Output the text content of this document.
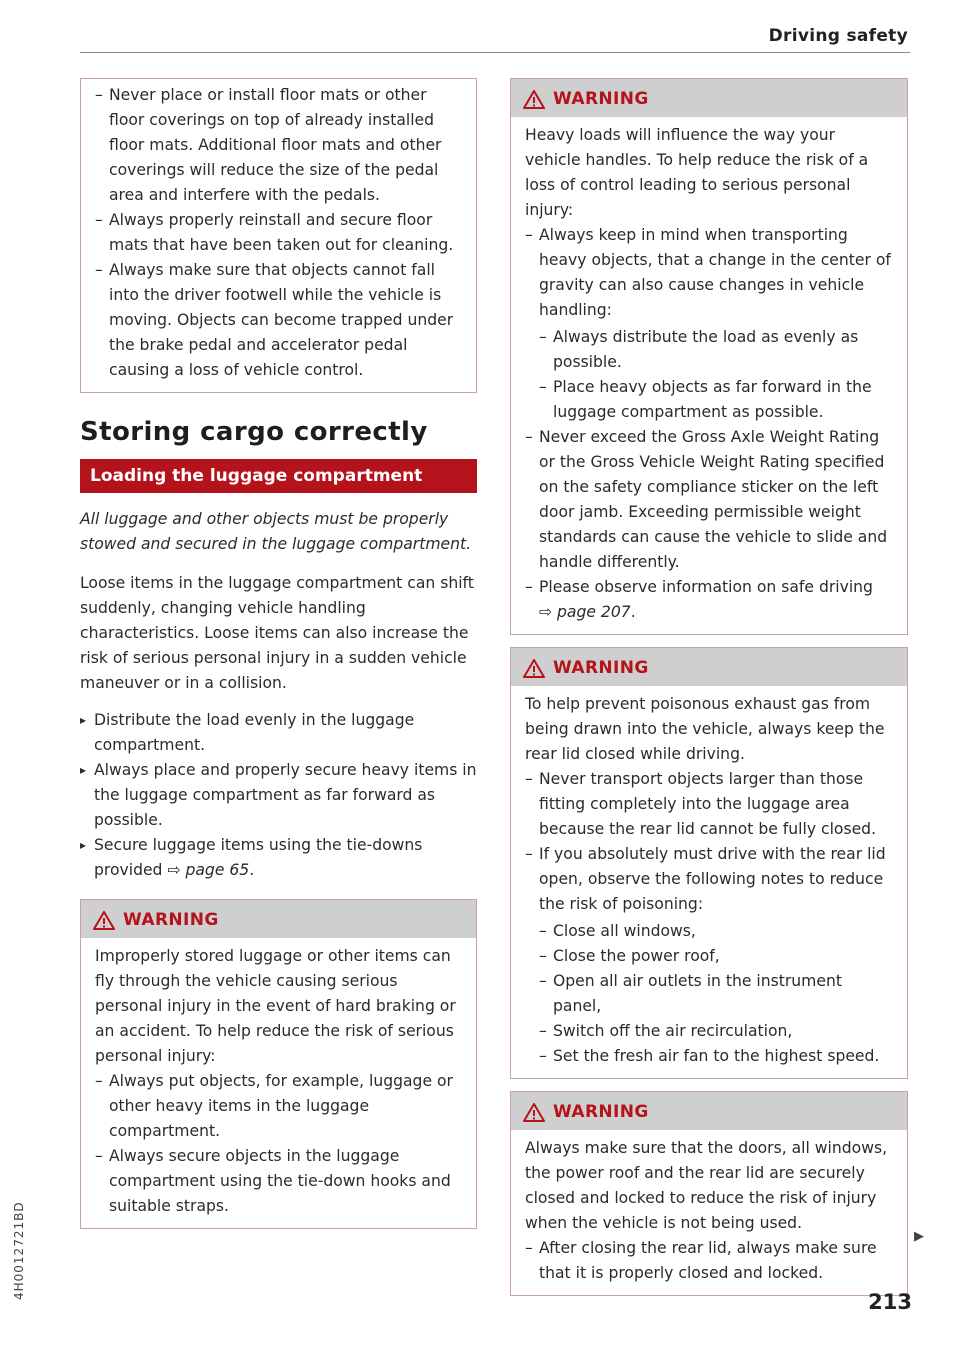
Driving safety
– Never place or install floor mats or other floor coverings on top of already installed floor mats. Additional floor mats and other coverings will reduce the size of the pedal area and interfere with the pedals.
– Always properly reinstall and secure floor mats that have been taken out for cleaning.
– Always make sure that objects cannot fall into the driver footwell while the vehicle is moving. Objects can become trapped under the brake pedal and accelerator pedal causing a loss of vehicle control.
Storing cargo correctly
Loading the luggage compartment

All luggage and other objects must be properly stowed and secured in the luggage compartment.

Loose items in the luggage compartment can shift suddenly, changing vehicle handling characteristics. Loose items can also increase the risk of serious personal injury in a sudden vehicle maneuver or in a collision.

▸ Distribute the load evenly in the luggage compartment.
▸ Always place and properly secure heavy items in the luggage compartment as far forward as possible.
▸ Secure luggage items using the tie-downs provided ⇨ page 65.
WARNING

Improperly stored luggage or other items can fly through the vehicle causing serious personal injury in the event of hard braking or an accident. To help reduce the risk of serious personal injury:

– Always put objects, for example, luggage or other heavy items in the luggage compartment.
– Always secure objects in the luggage compartment using the tie-down hooks and suitable straps.
WARNING

Heavy loads will influence the way your vehicle handles. To help reduce the risk of a loss of control leading to serious personal injury:

– Always keep in mind when transporting heavy objects, that a change in the center of gravity can also cause changes in vehicle handling:
– Always distribute the load as evenly as possible.
– Place heavy objects as far forward in the luggage compartment as possible.
– Never exceed the Gross Axle Weight Rating or the Gross Vehicle Weight Rating specified on the safety compliance sticker on the left door jamb. Exceeding permissible weight standards can cause the vehicle to slide and handle differently.
– Please observe information on safe driving
⇨ page 207.
WARNING

To help prevent poisonous exhaust gas from being drawn into the vehicle, always keep the rear lid closed while driving.

– Never transport objects larger than those fitting completely into the luggage area because the rear lid cannot be fully closed.
– If you absolutely must drive with the rear lid open, observe the following notes to reduce the risk of poisoning:
– Close all windows,
– Close the power roof,
– Open all air outlets in the instrument panel,
– Switch off the air recirculation,
– Set the fresh air fan to the highest speed.
WARNING

Always make sure that the doors, all windows, the power roof and the rear lid are securely closed and locked to reduce the risk of injury when the vehicle is not being used.

– After closing the rear lid, always make sure that it is properly closed and locked.
▶
4H0012721BD
213
